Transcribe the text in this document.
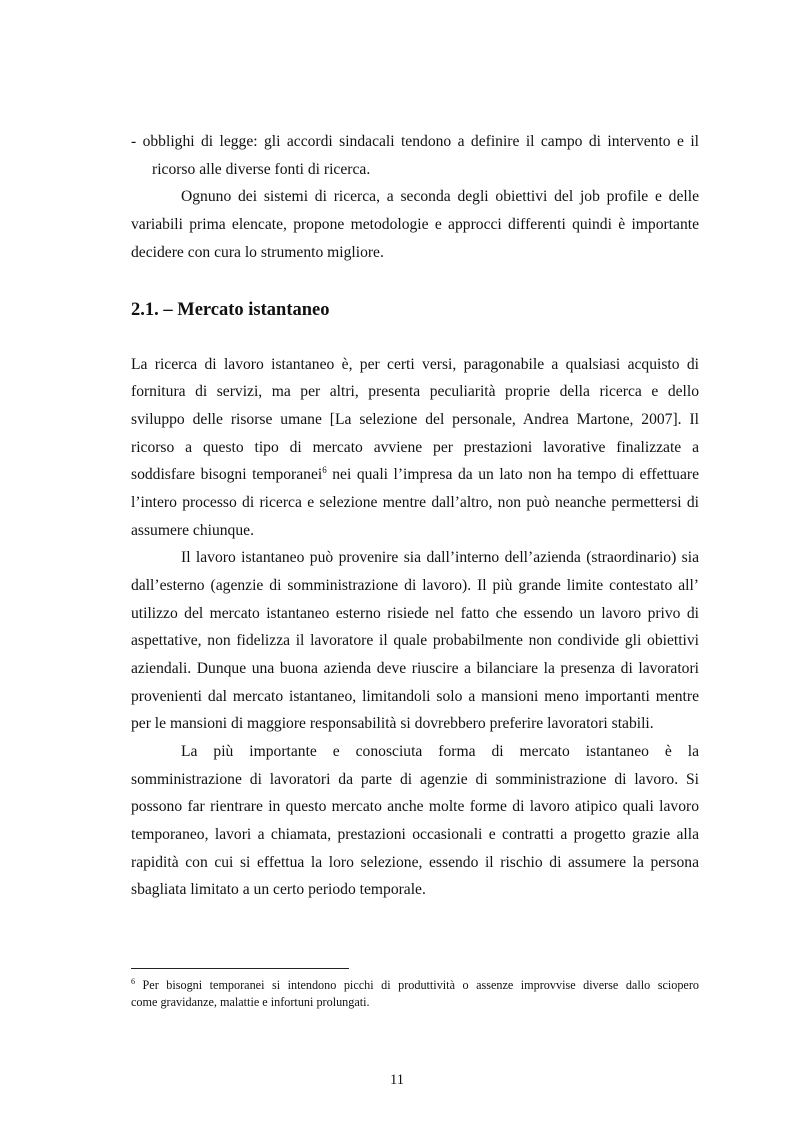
- obblighi di legge: gli accordi sindacali tendono a definire il campo di intervento e il
ricorso alle diverse fonti di ricerca.
Ognuno dei sistemi di ricerca, a seconda degli obiettivi del job profile e delle
variabili prima elencate, propone metodologie e approcci differenti quindi è importante
decidere con cura lo strumento migliore.
2.1. – Mercato istantaneo
La ricerca di lavoro istantaneo è, per certi versi, paragonabile a qualsiasi acquisto di
fornitura di servizi, ma per altri, presenta peculiarità proprie della ricerca e dello
sviluppo delle risorse umane [La selezione del personale, Andrea Martone, 2007]. Il
ricorso a questo tipo di mercato avviene per prestazioni lavorative finalizzate a
soddisfare bisogni temporanei$^6$ nei quali l’impresa da un lato non ha tempo di effettuare
l’intero processo di ricerca e selezione mentre dall’altro, non può neanche permettersi di
assumere chiunque.
Il lavoro istantaneo può provenire sia dall’interno dell’azienda (straordinario) sia
dall’esterno (agenzie di somministrazione di lavoro). Il più grande limite contestato all’
utilizzo del mercato istantaneo esterno risiede nel fatto che essendo un lavoro privo di
aspettative, non fidelizza il lavoratore il quale probabilmente non condivide gli obiettivi
aziendali. Dunque una buona azienda deve riuscire a bilanciare la presenza di lavoratori
provenienti dal mercato istantaneo, limitandoli solo a mansioni meno importanti mentre
per le mansioni di maggiore responsabilità si dovrebbero preferire lavoratori stabili.
La più importante e conosciuta forma di mercato istantaneo è la
somministrazione di lavoratori da parte di agenzie di somministrazione di lavoro. Si
possono far rientrare in questo mercato anche molte forme di lavoro atipico quali lavoro
temporaneo, lavori a chiamata, prestazioni occasionali e contratti a progetto grazie alla
rapidità con cui si effettua la loro selezione, essendo il rischio di assumere la persona
sbagliata limitato a un certo periodo temporale.
$^6$ Per bisogni temporanei si intendono picchi di produttività o assenze improvvise diverse dallo sciopero
come gravidanze, malattie e infortuni prolungati.
11
